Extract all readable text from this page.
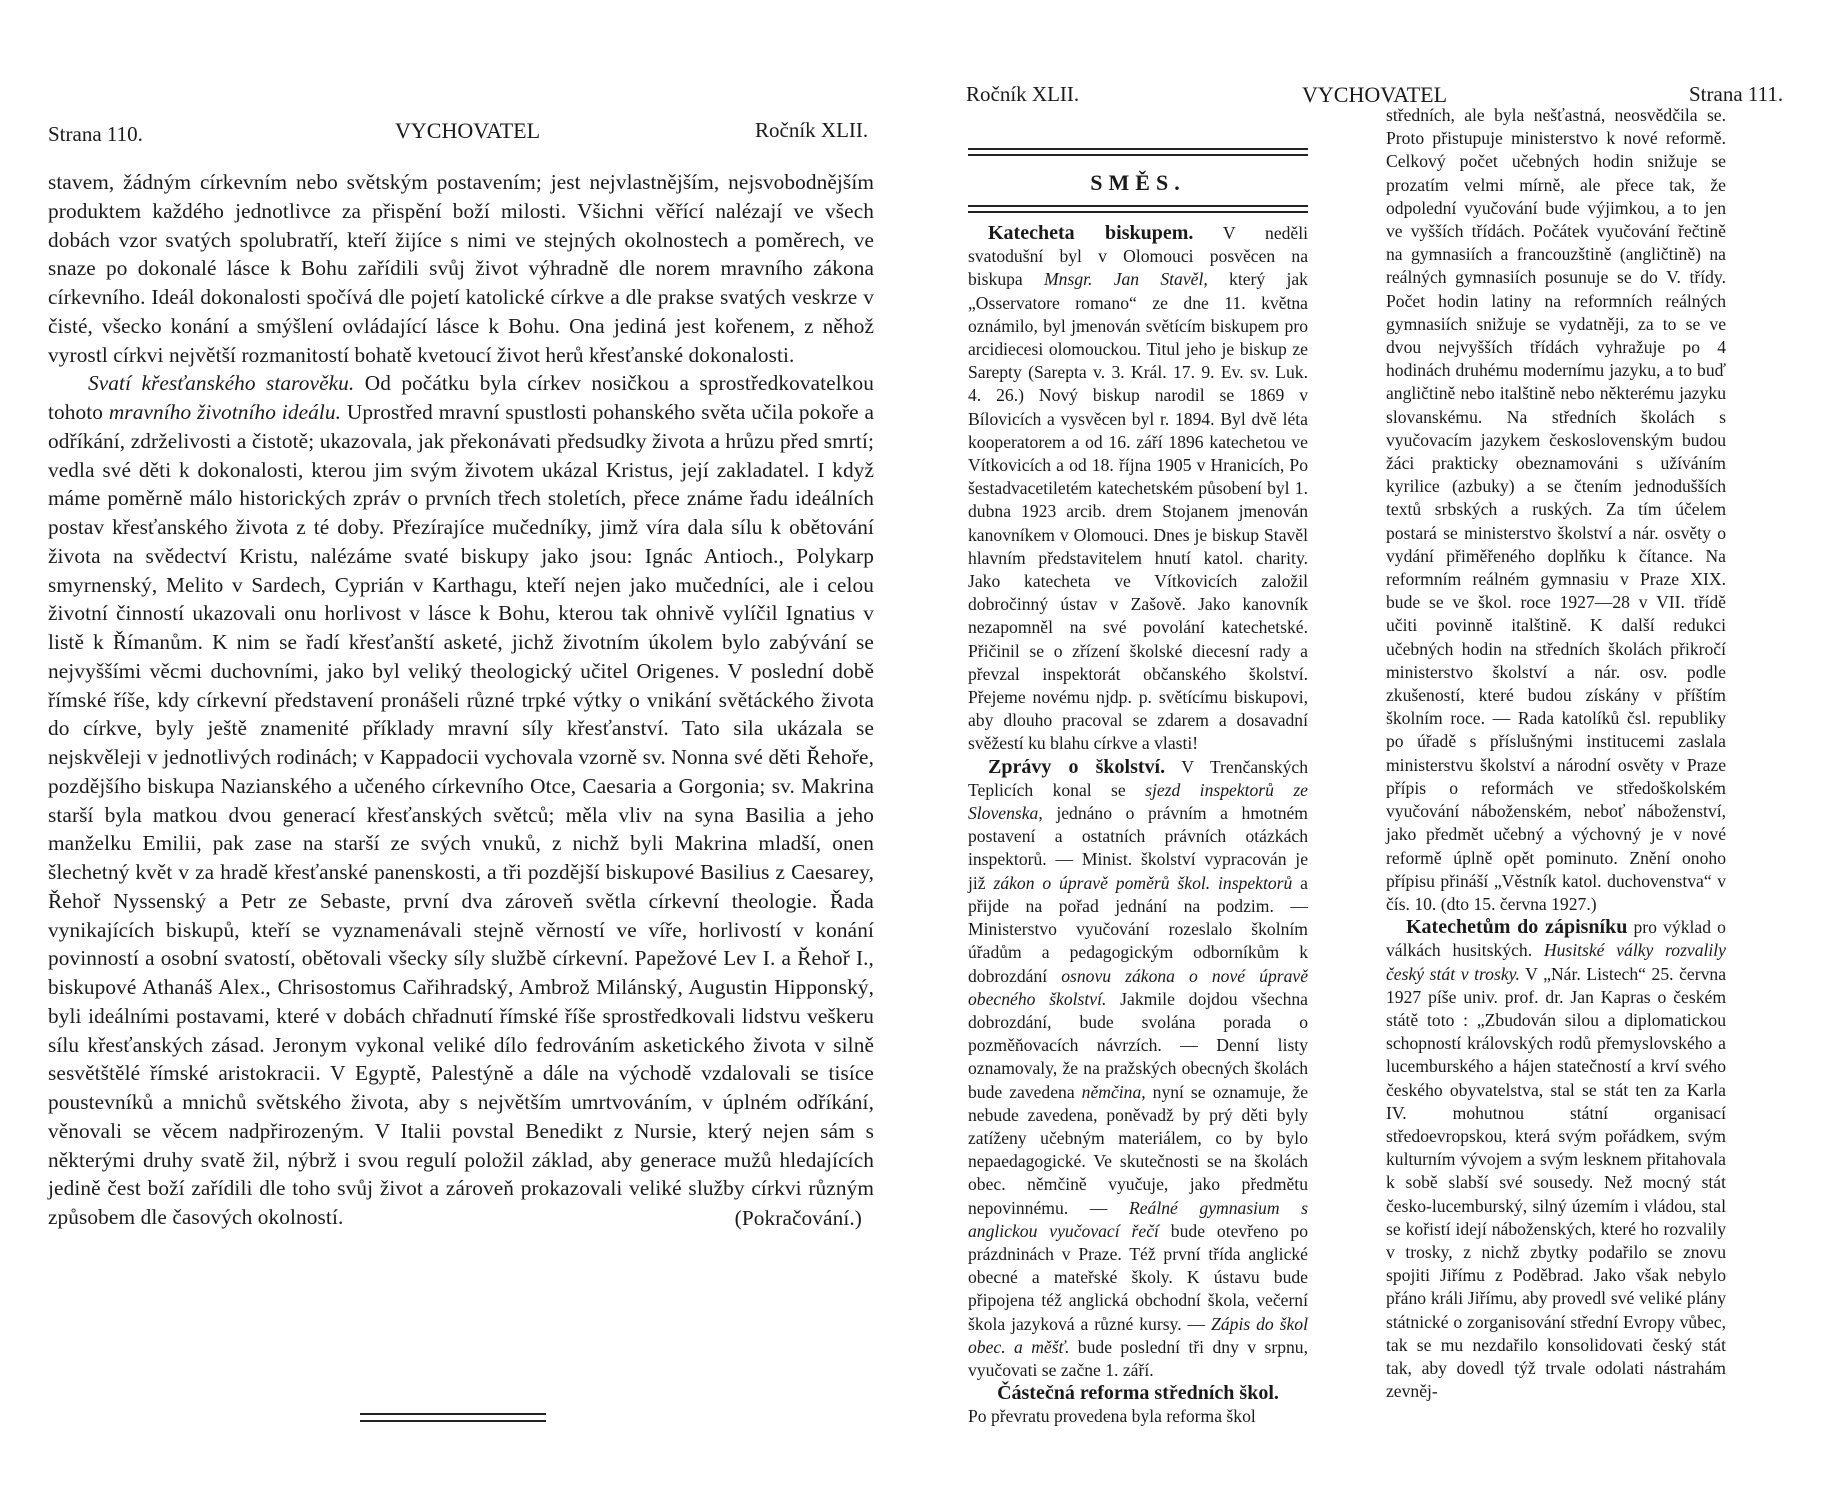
Strana 110.	VYCHOVATEL	Ročník XLII.

stavem, žádným církevním nebo světským postavením; jest nejvlastnějším, nejsvobodnějším produktem každého jednotlivce za přispění boží milosti. Všichni věřící nalézají ve všech dobách vzor svatých spolubratří, kteří žijíce s nimi ve stejných okolnostech a poměrech, ve snaze po dokonalé lásce k Bohu zařídili svůj život výhradně dle norem mravního zákona církevního. Ideál dokonalosti spočívá dle pojetí katolické církve a dle prakse svatých veskrze v čisté, všecko konání a smýšlení ovládající lásce k Bohu. Ona jediná jest kořenem, z něhož vyrostl církvi největší rozmanitostí bohatě kvetoucí život herů křesťanské dokonalosti.

Svatí křesťanského starověku. Od počátku byla církev nosičkou a sprostředkovatelkou tohoto mravního životního ideálu. Uprostřed mravní spustlosti pohanského světa učila pokoře a odříkání, zdrželivosti a čistotě; ukazovala, jak překonávati předsudky života a hrůzu před smrtí; vedla své děti k dokonalosti, kterou jim svým životem ukázal Kristus, její zakladatel. I když máme poměrně málo historických zpráv o prvních třech stoletích, přece známe řadu ideálních postav křesťanského života z té doby. Přezírajíce mučedníky, jimž víra dala sílu k obětování života na svědectví Kristu, nalézáme svaté biskupy jako jsou: Ignác Antioch., Polykarp smyrnenský, Melito v Sardech, Cyprián v Karthagu, kteří nejen jako mučedníci, ale i celou životní činností ukazovali onu horlivost v lásce k Bohu, kterou tak ohnivě vylíčil Ignatius v listě k Římanům. K nim se řadí křesťanští asketé, jichž životním úkolem bylo zabývání se nejvyššími věcmi duchovními, jako byl veliký theologický učitel Origenes. V poslední době římské říše, kdy církevní představení pronášeli různé trpké výtky o vnikání světáckého života do církve, byly ještě znamenité příklady mravní síly křesťanství. Tato sila ukázala se nejskvěleji v jednotlivých rodinách; v Kappadocii vychovala vzorně sv. Nonna své děti Řehoře, pozdějšího biskupa Nazianského a učeného církevního Otce, Caesaria a Gorgonia; sv. Makrina starší byla matkou dvou generací křesťanských světců; měla vliv na syna Basilia a jeho manželku Emilii, pak zase na starší ze svých vnuků, z nichž byli Makrina mladší, onen šlechetný květ v za hradě křesťanské panenskosti, a tři pozdější biskupové Basilius z Caesarey, Řehoř Nyssenský a Petr ze Sebaste, první dva zároveň světla církevní theologie. Řada vynikajících biskupů, kteří se vyznamenávali stejně věrností ve víře, horlivostí v konání povinností a osobní svatostí, obětovali všecky síly službě církevní. Papežové Lev I. a Řehoř I., biskupové Athanáš Alex., Chrisostomus Cařihradský, Ambrož Milánský, Augustin Hipponský, byli ideálními postavami, které v dobách chřadnutí římské říše sprostředkovali lidstvu veškeru sílu křesťanských zásad. Jeronym vykonal veliké dílo fedrováním asketického života v silně sesvětštělé římské aristokracii. V Egyptě, Palestýně a dále na východě vzdalovali se tisíce poustevníků a mnichů světského života, aby s největším umrtvováním, v úplném odříkání, věnovali se věcem nadpřirozeným. V Italii povstal Benedikt z Nursie, který nejen sám s některými druhy svatě žil, nýbrž i svou regulí položil základ, aby generace mužů hledajících jedině čest boží zařídili dle toho svůj život a zároveň prokazovali veliké služby církvi různým způsobem dle časových okolností.	(Pokračování.)
Ročník XLII.	VYCHOVATEL	Strana 111.
SMĚS.

Katecheta biskupem. V neděli svatodušní byl v Olomouci posvěcen na biskupa Mnsgr. Jan Stavěl, který jak „Osservatore romano“ ze dne 11. května oznámilo, byl jmenován světícím biskupem pro arcidiecesi olomouckou. Titul jeho je biskup ze Sarepty (Sarepta v. 3. Král. 17. 9. Ev. sv. Luk. 4. 26.) Nový biskup narodil se 1869 v Bílovicích a vysvěcen byl r. 1894. Byl dvě léta kooperatorem a od 16. září 1896 katechetou ve Vítkovicích a od 18. října 1905 v Hranicích, Po šestadvacetiletém katechetském působení byl 1. dubna 1923 arcib. drem Stojanem jmenován kanovníkem v Olomouci. Dnes je biskup Stavěl hlavním představitelem hnutí katol. charity. Jako katecheta ve Vítkovicích založil dobročinný ústav v Zašově. Jako kanovník nezapomněl na své povolání katechetské. Přičinil se o zřízení školské diecesní rady a převzal inspektorát občanského školství. Přejeme novému njdp. p. světícímu biskupovi, aby dlouho pracoval se zdarem a dosavadní svěžestí ku blahu církve a vlasti!

Zprávy o školství. V Trenčanských Teplicích konal se sjezd inspektorů ze Slovenska, jednáno o právním a hmotném postavení a ostatních právních otázkách inspektorů. — Minist. školství vypracován je již zákon o úpravě poměrů škol. inspektorů a přijde na pořad jednání na podzim. — Ministerstvo vyučování rozeslalo školním úřadům a pedagogickým odborníkům k dobrozdání osnovu zákona o nové úpravě obecného školství. Jakmile dojdou všechna dobrozdání, bude svolána porada o pozměňovacích návrzích. — Denní listy oznamovaly, že na pražských obecných školách bude zavedena němčina, nyní se oznamuje, že nebude zavedena, poněvadž by prý děti byly zatíženy učebným materiálem, co by bylo nepaedagogické. Ve skutečnosti se na školách obec. němčině vyučuje, jako předmětu nepovinnému. — Reálné gymnasium s anglickou vyučovací řečí bude otevřeno po prázdninách v Praze. Též první třída anglické obecné a mateřské školy. K ústavu bude připojena též anglická obchodní škola, večerní škola jazyková a různé kursy. — Zápis do škol obec. a měšť. bude poslední tři dny v srpnu, vyučovati se začne 1. září.

Částečná reforma středních škol.

Po převratu provedena byla reforma škol

středních, ale byla nešťastná, neosvědčila se. Proto přistupuje ministerstvo k nové reformě. Celkový počet učebných hodin snižuje se prozatím velmi mírně, ale přece tak, že odpolední vyučování bude výjimkou, a to jen ve vyšších třídách. Počátek vyučování řečtině na gymnasiích a francouzštině (angličtině) na reálných gymnasiích posunuje se do V. třídy. Počet hodin latiny na reformních reálných gymnasiích snižuje se vydatněji, za to se ve dvou nejvyšších třídách vyhražuje po 4 hodinách druhému modernímu jazyku, a to buď angličtině nebo italštině nebo některému jazyku slovanskému. Na středních školách s vyučovacím jazykem československým budou žáci prakticky obeznamováni s užíváním kyrilice (azbuky) a se čtením jednodušších textů srbských a ruských. Za tím účelem postará se ministerstvo školství a nár. osvěty o vydání přiměřeného doplňku k čítance. Na reformním reálném gymnasiu v Praze XIX. bude se ve škol. roce 1927—28 v VII. třídě učiti povinně italštině. K další redukci učebných hodin na středních školách přikročí ministerstvo školství a nár. osv. podle zkušeností, které budou získány v příštím školním roce. — Rada katolíků čsl. republiky po úřadě s příslušnými institucemi zaslala ministerstvu školství a národní osvěty v Praze přípis o reformách ve středoškolském vyučování náboženském, neboť náboženství, jako předmět učebný a výchovný je v nové reformě úplně opět pominuto. Znění onoho přípisu přináší „Věstník katol. duchovenstva“ v čís. 10. (dto 15. června 1927.)

Katechetům do zápisníku pro výklad o válkách husitských. Husitské války rozvalily český stát v trosky. V „Nár. Listech“ 25. června 1927 píše univ. prof. dr. Jan Kapras o českém státě toto : „Zbudován silou a diplomatickou schopností královských rodů přemyslovského a lucemburského a hájen statečností a krví svého českého obyvatelstva, stal se stát ten za Karla IV. mohutnou státní organisací středoevropskou, která svým pořádkem, svým kulturním vývojem a svým lesknem přitahovala k sobě slabší své sousedy. Než mocný stát česko-lucemburský, silný územím i vládou, stal se kořistí idejí náboženských, které ho rozvalily v trosky, z nichž zbytky podařilo se znovu spojiti Jiřímu z Poděbrad. Jako však nebylo přáno králi Jiřímu, aby provedl své veliké plány státnické o zorganisování střední Evropy vůbec, tak se mu nezdařilo konsolidovati český stát tak, aby dovedl týž trvale odolati nástrahám zevněj-
